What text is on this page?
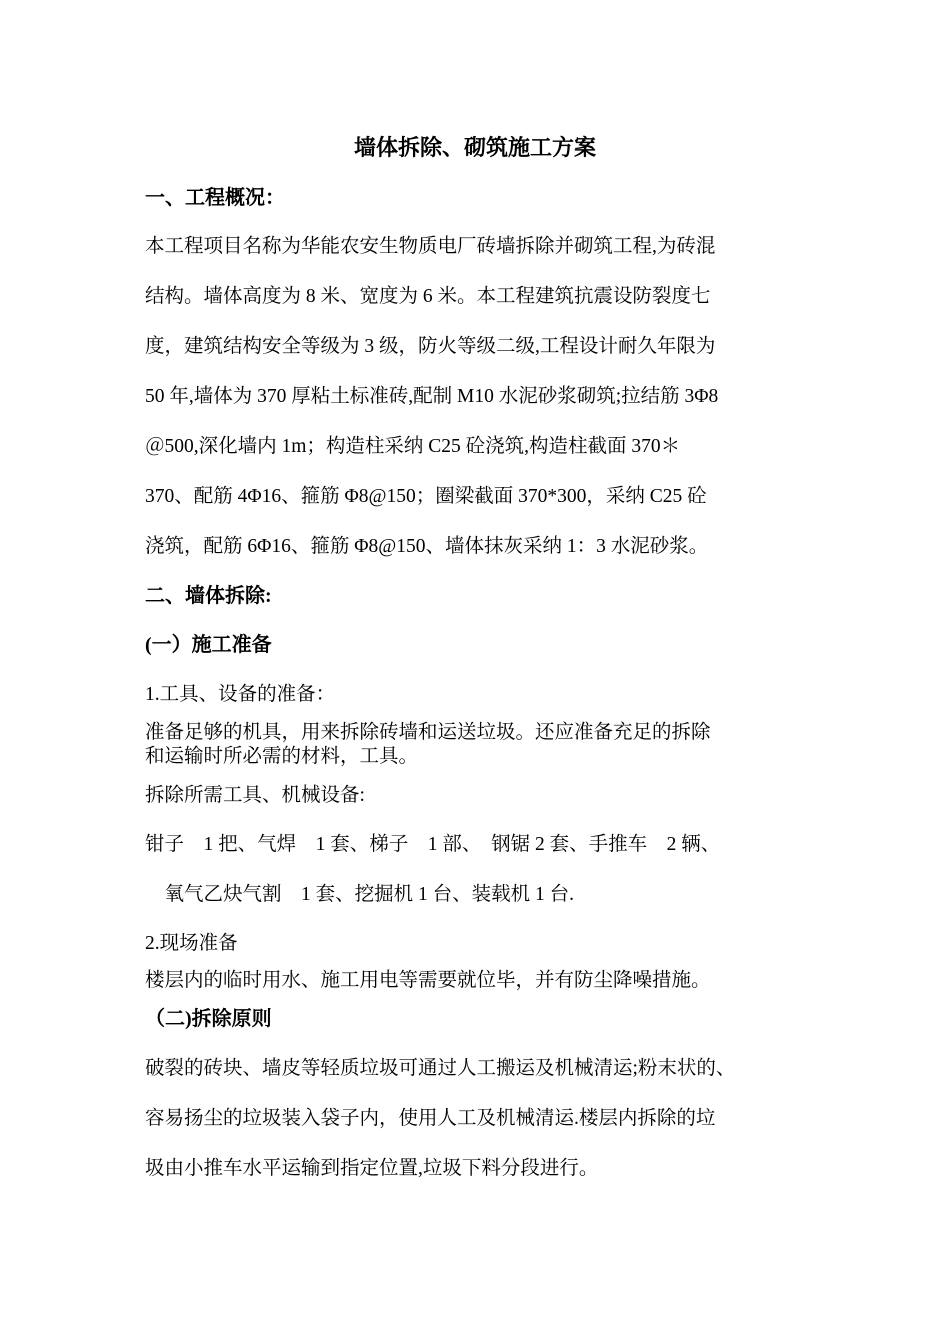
墙体拆除、砌筑施工方案
一、工程概况：
本工程项目名称为华能农安生物质电厂砖墙拆除并砌筑工程,为砖混
结构。墙体高度为 8 米、宽度为 6 米。本工程建筑抗震设防裂度七
度，建筑结构安全等级为 3 级，防火等级二级,工程设计耐久年限为
50 年,墙体为 370 厚粘土标准砖,配制 M10 水泥砂浆砌筑;拉结筋 3Φ8
＠500,深化墙内 1m；构造柱采纳 C25 砼浇筑,构造柱截面 370＊
370、配筋 4Φ16、箍筋 Φ8@150；圈梁截面 370*300，采纳 C25 砼
浇筑，配筋 6Φ16、箍筋 Φ8@150、墙体抹灰采纳 1：3 水泥砂浆。
二、墙体拆除:
(一）施工准备
1.工具、设备的准备：
准备足够的机具，用来拆除砖墙和运送垃圾。还应准备充足的拆除
和运输时所必需的材料，工具。
拆除所需工具、机械设备:
钳子　1 把、气焊　1 套、梯子　1 部、　钢锯 2 套、手推车　2 辆、
　氧气乙炔气割　1 套、挖掘机 1 台、装载机 1 台.
2.现场准备
楼层内的临时用水、施工用电等需要就位毕，并有防尘降噪措施。
（二)拆除原则
破裂的砖块、墙皮等轻质垃圾可通过人工搬运及机械清运;粉末状的、
容易扬尘的垃圾装入袋子内，使用人工及机械清运.楼层内拆除的垃
圾由小推车水平运输到指定位置,垃圾下料分段进行。
